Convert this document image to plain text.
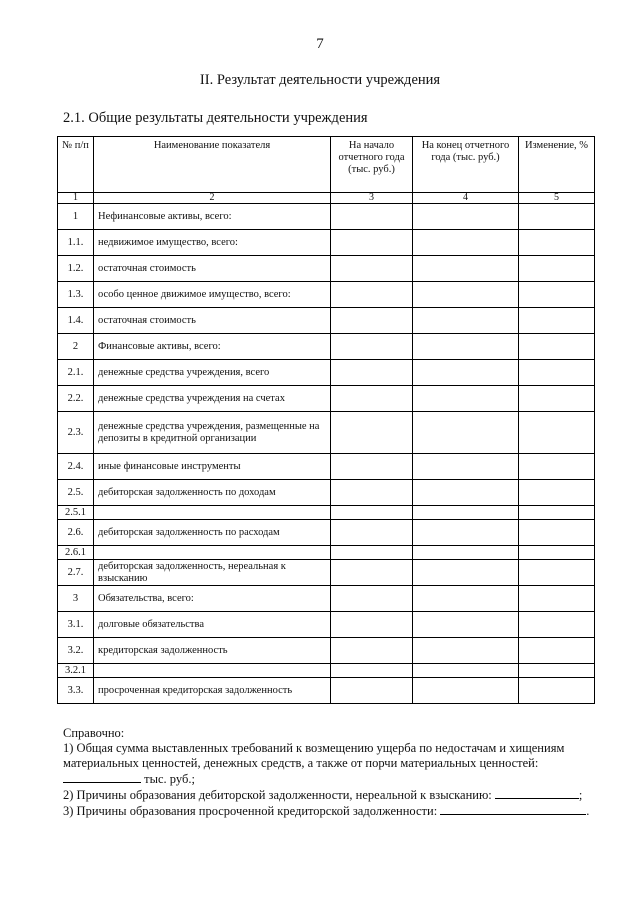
7
II. Результат деятельности учреждения
2.1. Общие результаты деятельности учреждения
№ п/п	Наименование показателя	На начало отчетного года (тыс. руб.)	На конец отчетного года (тыс. руб.)	Изменение, %
1	2	3	4	5
1	Нефинансовые активы, всего:			
1.1.	недвижимое имущество, всего:			
1.2.	остаточная стоимость			
1.3.	особо ценное движимое имущество, всего:			
1.4.	остаточная стоимость			
2	Финансовые активы, всего:			
2.1.	денежные средства учреждения, всего			
2.2.	денежные средства учреждения на счетах			
2.3.	денежные средства учреждения, размещенные на депозиты в кредитной организации			
2.4.	иные финансовые инструменты			
2.5.	дебиторская задолженность по доходам			
2.5.1				
2.6.	дебиторская задолженность по расходам			
2.6.1				
2.7.	дебиторская задолженность, нереальная к взысканию			
3	Обязательства, всего:			
3.1.	долговые обязательства			
3.2.	кредиторская задолженность			
3.2.1				
3.3.	просроченная кредиторская задолженность			
Справочно:
1) Общая сумма выставленных требований к возмещению ущерба по недостачам и хищениям
материальных ценностей, денежных средств, а также от порчи материальных ценностей:
тыс. руб.;
2) Причины образования дебиторской задолженности, нереальной к взысканию:	;
3) Причины образования просроченной кредиторской задолженности:	.
